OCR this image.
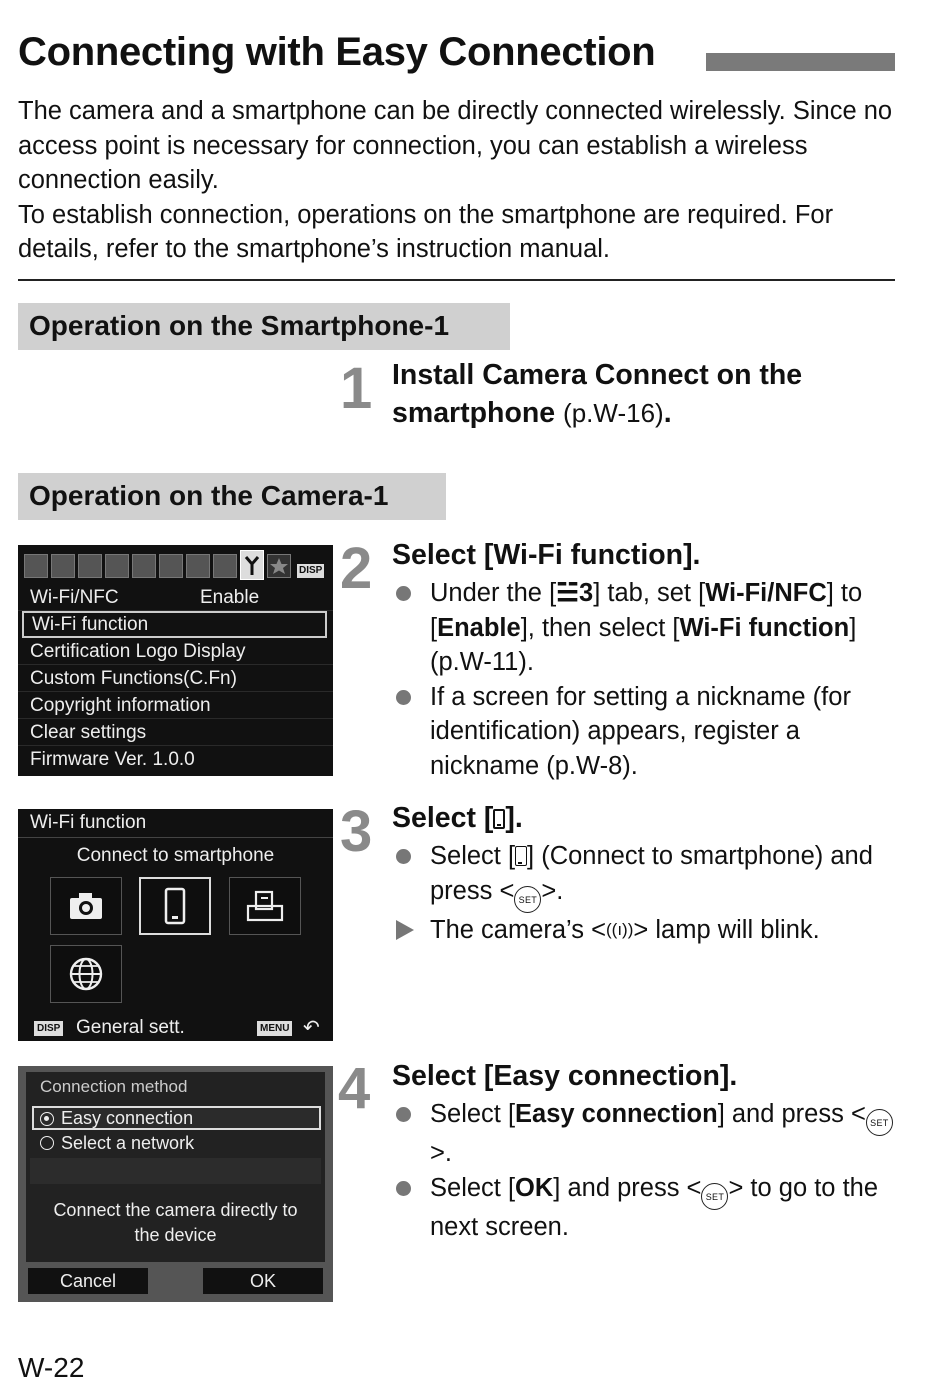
Connecting with Easy Connection

The camera and a smartphone can be directly connected wirelessly. Since no access point is necessary for connection, you can establish a wireless connection easily.

To establish connection, operations on the smartphone are required. For details, refer to the smartphone’s instruction manual.

Operation on the Smartphone-1
1 Install Camera Connect on the smartphone (p.W-16).
Operation on the Camera-1
DISP
Wi-Fi/NFC	Enable
Wi-Fi function
Certification Logo Display
Custom Functions(C.Fn)
Copyright information
Clear settings
Firmware Ver. 1.0.0
2 Select [Wi-Fi function].
Under the [☱3] tab, set [Wi-Fi/NFC] to [Enable], then select [Wi-Fi function] (p.W-11).
If a screen for setting a nickname (for identification) appears, register a nickname (p.W-8).
Wi-Fi function
Connect to smartphone
DISP General sett.	MENU ↶
3 Select [ ].
Select [ ] (Connect to smartphone) and press < SET >.
The camera’s <((ı))> lamp will blink.
Connection method
Easy connection
Select a network
Connect the camera directly to
the device
Cancel	OK
4 Select [Easy connection].
Select [Easy connection] and press < SET>.
Select [OK] and press < SET > to go to the next screen.
W-22
